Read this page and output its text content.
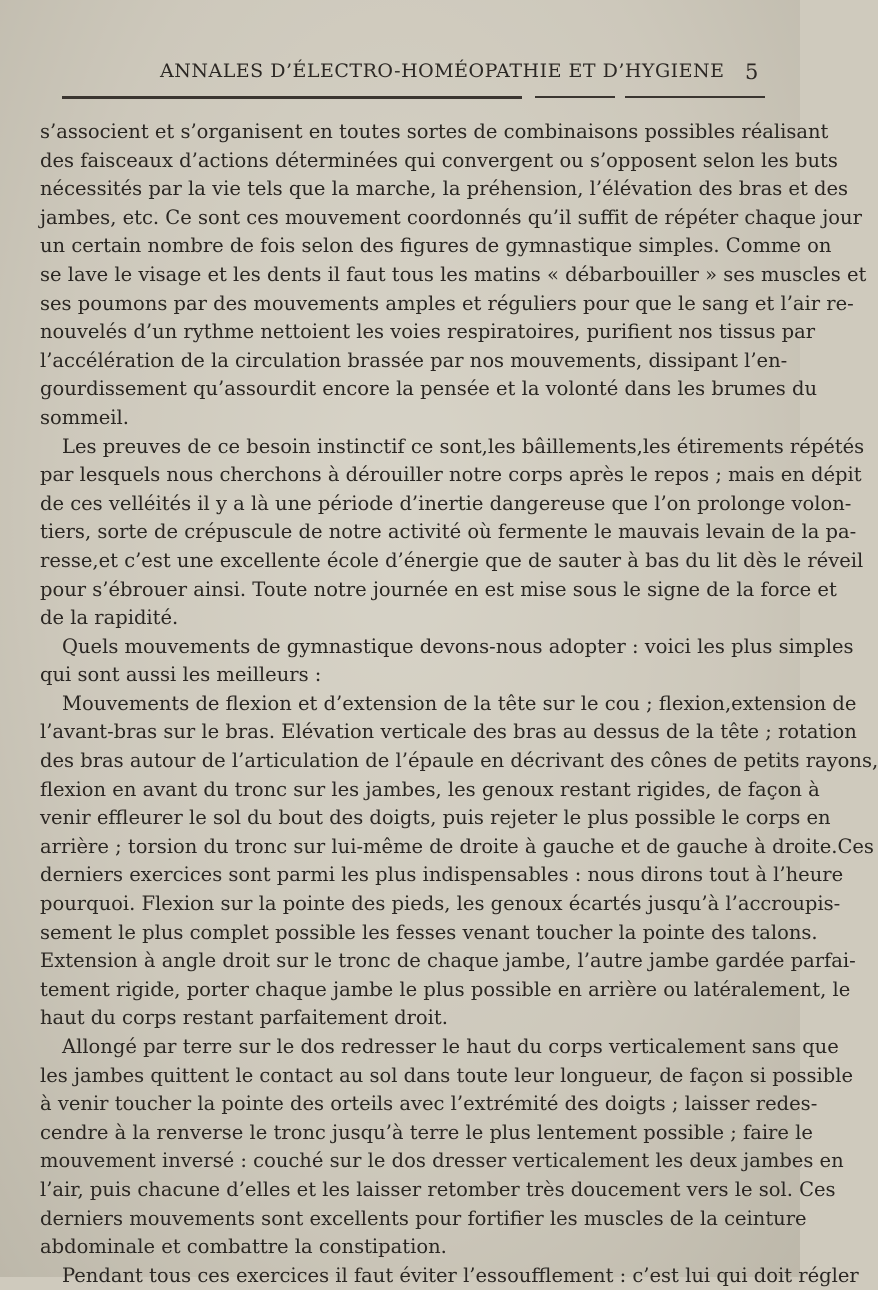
ANNALES D’ÉLECTRO-HOMÉOPATHIE ET D’HYGIENE 5
s’associent et s’organisent en toutes sortes de combinaisons possibles réalisant
des faisceaux d’actions déterminées qui convergent ou s’opposent selon les buts
nécessités par la vie tels que la marche, la préhension, l’élévation des bras et des
jambes, etc. Ce sont ces mouvement coordonnés qu’il suffit de répéter chaque jour
un certain nombre de fois selon des figures de gymnastique simples. Comme on
se lave le visage et les dents il faut tous les matins « débarbouiller » ses muscles et
ses poumons par des mouvements amples et réguliers pour que le sang et l’air re-
nouvelés d’un rythme nettoient les voies respiratoires, purifient nos tissus par
l’accélération de la circulation brassée par nos mouvements, dissipant l’en-
gourdissement qu’assourdit encore la pensée et la volonté dans les brumes du
sommeil.
Les preuves de ce besoin instinctif ce sont,les bâillements,les étirements répétés
par lesquels nous cherchons à dérouiller notre corps après le repos ; mais en dépit
de ces velléités il y a là une période d’inertie dangereuse que l’on prolonge volon-
tiers, sorte de crépuscule de notre activité où fermente le mauvais levain de la pa-
resse,et c’est une excellente école d’énergie que de sauter à bas du lit dès le réveil
pour s’ébrouer ainsi. Toute notre journée en est mise sous le signe de la force et
de la rapidité.
Quels mouvements de gymnastique devons-nous adopter : voici les plus simples
qui sont aussi les meilleurs :
Mouvements de flexion et d’extension de la tête sur le cou ; flexion,extension de
l’avant-bras sur le bras. Elévation verticale des bras au dessus de la tête ; rotation
des bras autour de l’articulation de l’épaule en décrivant des cônes de petits rayons,
flexion en avant du tronc sur les jambes, les genoux restant rigides, de façon à
venir effleurer le sol du bout des doigts, puis rejeter le plus possible le corps en
arrière ; torsion du tronc sur lui-même de droite à gauche et de gauche à droite.Ces
derniers exercices sont parmi les plus indispensables : nous dirons tout à l’heure
pourquoi. Flexion sur la pointe des pieds, les genoux écartés jusqu’à l’accroupis-
sement le plus complet possible les fesses venant toucher la pointe des talons.
Extension à angle droit sur le tronc de chaque jambe, l’autre jambe gardée parfai-
tement rigide, porter chaque jambe le plus possible en arrière ou latéralement, le
haut du corps restant parfaitement droit.
Allongé par terre sur le dos redresser le haut du corps verticalement sans que
les jambes quittent le contact au sol dans toute leur longueur, de façon si possible
à venir toucher la pointe des orteils avec l’extrémité des doigts ; laisser redes-
cendre à la renverse le tronc jusqu’à terre le plus lentement possible ; faire le
mouvement inversé : couché sur le dos dresser verticalement les deux jambes en
l’air, puis chacune d’elles et les laisser retomber très doucement vers le sol. Ces
derniers mouvements sont excellents pour fortifier les muscles de la ceinture
abdominale et combattre la constipation.
Pendant tous ces exercices il faut éviter l’essoufflement : c’est lui qui doit régler
